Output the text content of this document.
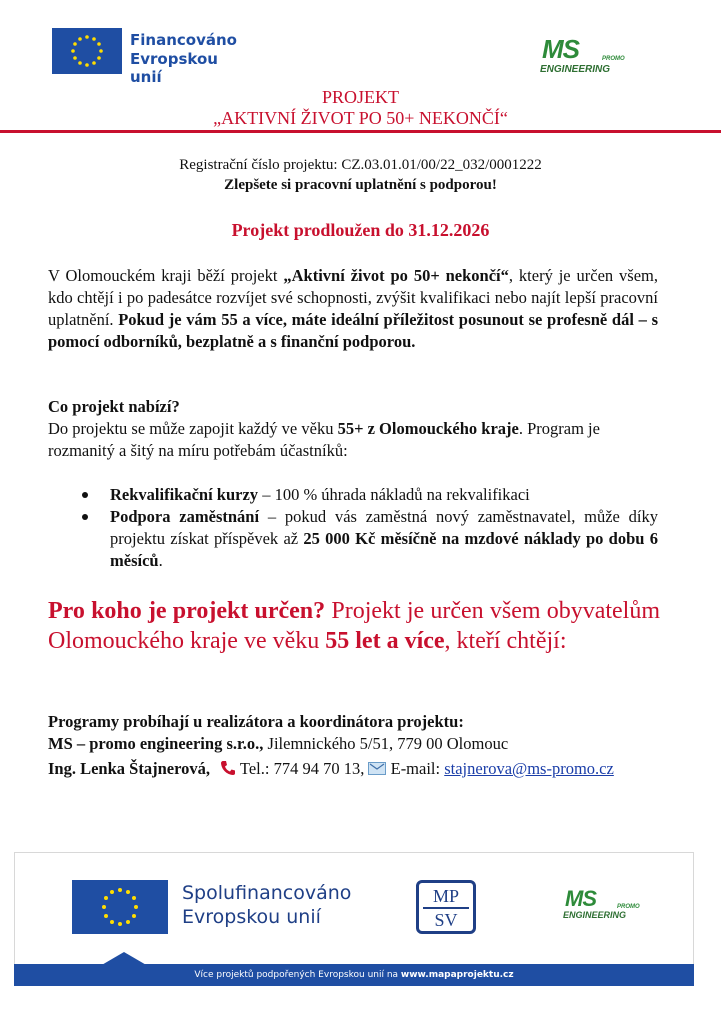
Financováno
Evropskou unií
MS	PROMO
ENGINEERING
PROJEKT
„AKTIVNÍ ŽIVOT PO 50+ NEKONČÍ“
Registrační číslo projektu: CZ.03.01.01/00/22_032/0001222
Zlepšete si pracovní uplatnění s podporou!
Projekt prodloužen do 31.12.2026

V Olomouckém kraji běží projekt „Aktivní život po 50+ nekončí“, který je určen všem, kdo chtějí i po padesátce rozvíjet své schopnosti, zvýšit kvalifikaci nebo najít lepší pracovní uplatnění. Pokud je vám 55 a více, máte ideální příležitost posunout se profesně dál – s pomocí odborníků, bezplatně a s finanční podporou.

Co projekt nabízí?

Do projektu se může zapojit každý ve věku 55+ z Olomouckého kraje. Program je rozmanitý a šitý na míru potřebám účastníků:

Rekvalifikační kurzy – 100 % úhrada nákladů na rekvalifikaci
Podpora zaměstnání – pokud vás zaměstná nový zaměstnavatel, může díky projektu získat příspěvek až 25 000 Kč měsíčně na mzdové náklady po dobu 6 měsíců.

Pro koho je projekt určen? Projekt je určen všem obyvatelům Olomouckého kraje ve věku 55 let a více, kteří chtějí:

Programy probíhají u realizátora a koordinátora projektu:
MS – promo engineering s.r.o., Jilemnického 5/51, 779 00 Olomouc

Ing. Lenka Štajnerová,  Tel.: 774 94 70 13,
E-mail: stajnerova@ms-promo.cz

Spolufinancováno
Evropskou unií
MP
SV
MS	PROMO
ENGINEERING
Více projektů podpořených Evropskou unií na www.mapaprojektu.cz
